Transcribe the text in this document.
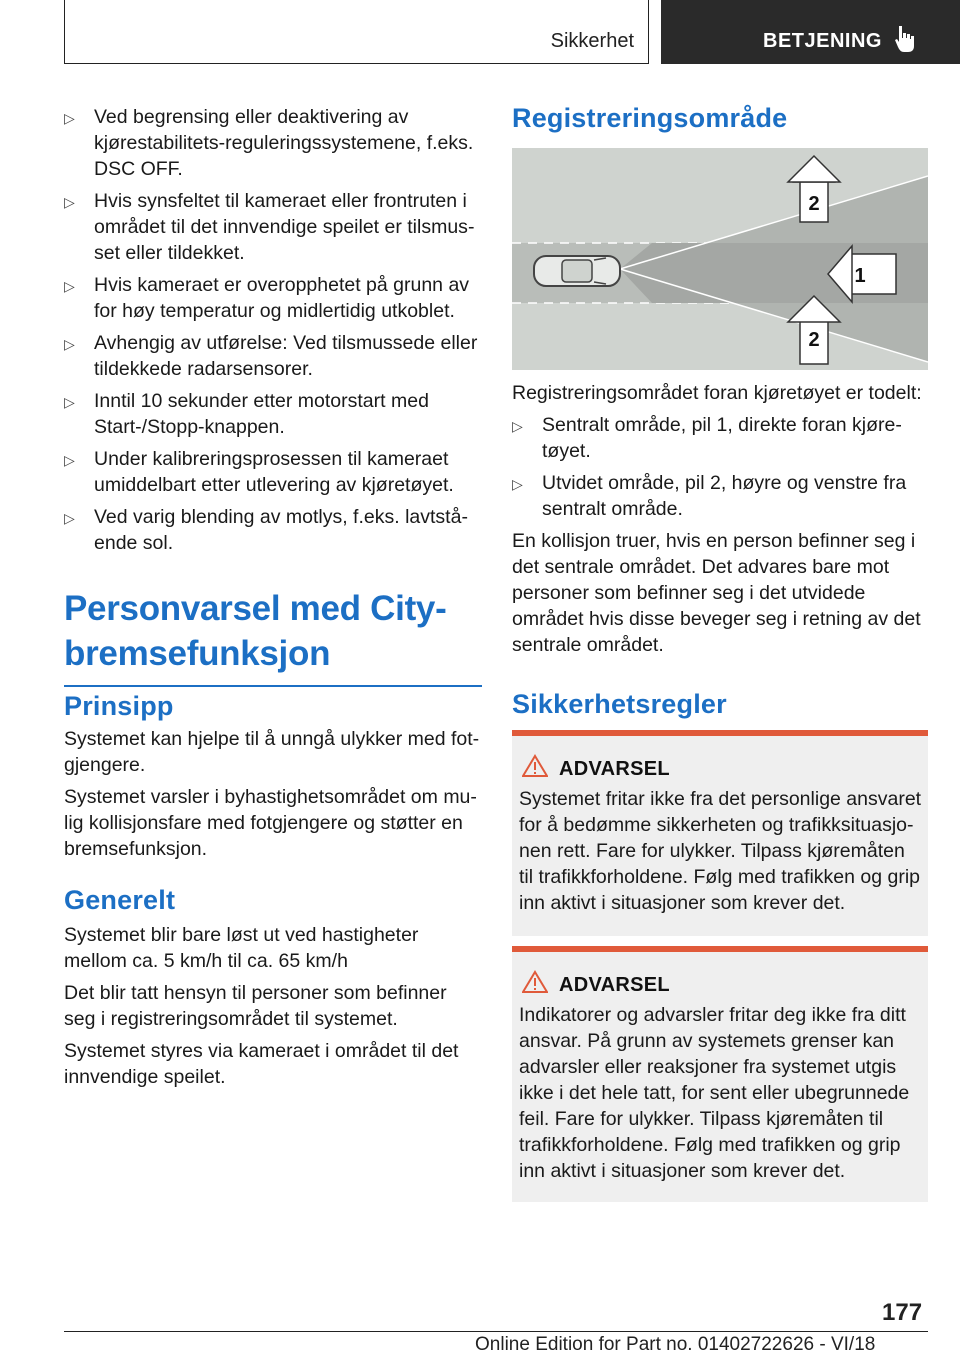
Sikkerhet	BETJENING
▷ Ved begrensing eller deaktivering av kjørestabilitets-reguleringssystemene, f.eks. DSC OFF.
▷ Hvis synsfeltet til kameraet eller frontruten i området til det innvendige speilet er tilsmusset eller tildekket.
▷ Hvis kameraet er overopphetet på grunn av for høy temperatur og midlertidig utkoblet.
▷ Avhengig av utførelse: Ved tilsmussede eller tildekkede radarsensorer.
▷ Inntil 10 sekunder etter motorstart med Start-/Stopp-knappen.
▷ Under kalibreringsprosessen til kameraet umiddelbart etter utlevering av kjøretøyet.
▷ Ved varig blending av motlys, f.eks. lavtstående sol.
Personvarsel med City-
bremsefunksjon
Prinsipp

Systemet kan hjelpe til å unngå ulykker med fotgjengere.

Systemet varsler i byhastighetsområdet om mulig kollisjonsfare med fotgjengere og støtter en bremsefunksjon.

Generelt

Systemet blir bare løst ut ved hastigheter mellom ca. 5 km/h til ca. 65 km/h

Det blir tatt hensyn til personer som befinner seg i registreringsområdet til systemet.

Systemet styres via kameraet i området til det innvendige speilet.

Registreringsområde
2
1
2

Registreringsområdet foran kjøretøyet er todelt:

▷ Sentralt område, pil 1, direkte foran kjøretøyet.
▷ Utvidet område, pil 2, høyre og venstre fra sentralt område.

En kollisjon truer, hvis en person befinner seg i det sentrale området. Det advares bare mot personer som befinner seg i det utvidede området hvis disse beveger seg i retning av det sentrale området.

Sikkerhetsregler
ADVARSEL
Systemet fritar ikke fra det personlige ansvaret for å bedømme sikkerheten og trafikksituasjonen rett. Fare for ulykker. Tilpass kjøremåten til trafikkforholdene. Følg med trafikken og grip inn aktivt i situasjoner som krever det.
ADVARSEL
Indikatorer og advarsler fritar deg ikke fra ditt ansvar. På grunn av systemets grenser kan advarsler eller reaksjoner fra systemet utgis ikke i det hele tatt, for sent eller ubegrunnede feil. Fare for ulykker. Tilpass kjøremåten til trafikkforholdene. Følg med trafikken og grip inn aktivt i situasjoner som krever det.
177
Online Edition for Part no. 01402722626 - VI/18
